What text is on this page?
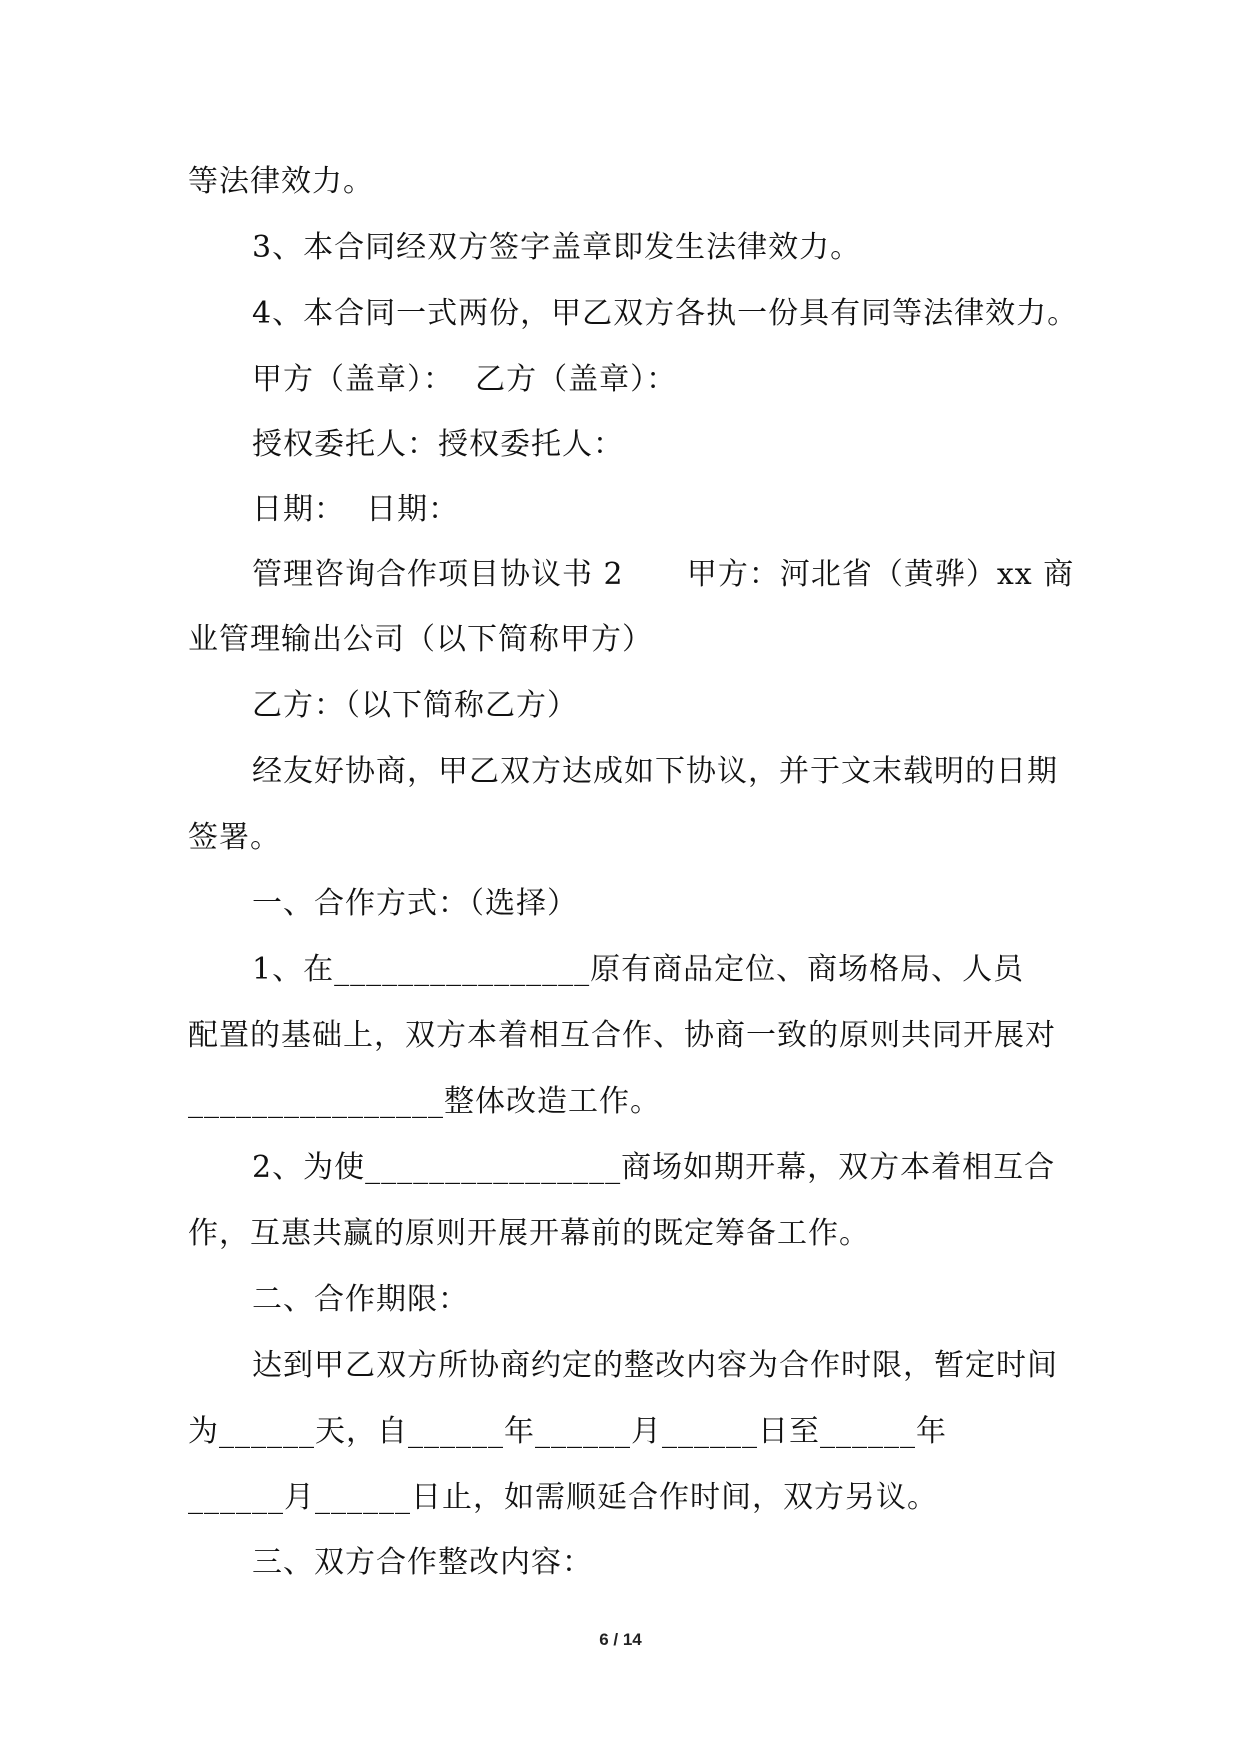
等法律效力。
3、本合同经双方签字盖章即发生法律效力。
4、本合同一式两份，甲乙双方各执一份具有同等法律效力。
甲方（盖章）：  乙方（盖章）：
授权委托人：授权委托人：
日期：  日期：
管理咨询合作项目协议书 2      甲方：河北省（黄骅）xx 商
业管理输出公司（以下简称甲方）
乙方：（以下简称乙方）
经友好协商，甲乙双方达成如下协议，并于文末载明的日期
签署。
一、合作方式：（选择）
1、在________________原有商品定位、商场格局、人员
配置的基础上，双方本着相互合作、协商一致的原则共同开展对
________________整体改造工作。
2、为使________________商场如期开幕，双方本着相互合
作，互惠共赢的原则开展开幕前的既定筹备工作。
二、合作期限：
达到甲乙双方所协商约定的整改内容为合作时限，暂定时间
为______天，自______年______月______日至______年
______月______日止，如需顺延合作时间，双方另议。
三、双方合作整改内容：
6 / 14
